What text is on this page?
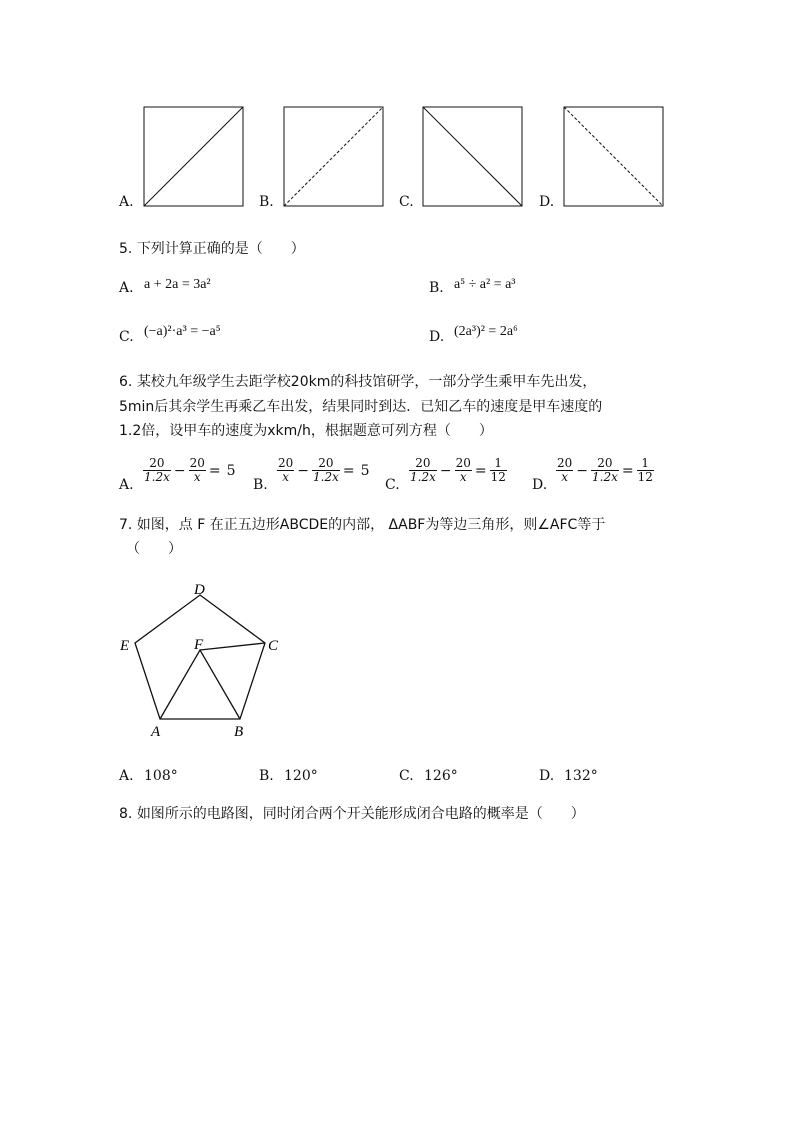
A.	B.	C.	D.
5. 下列计算正确的是（　　）
A. a + 2a = 3a²	B. a⁵ ÷ a² = a³
C. (−a)²·a³ = −a⁵	D. (2a³)² = 2a⁶
6. 某校九年级学生去距学校20km的科技馆研学，一部分学生乘甲车先出发，
5min后其余学生再乘乙车出发，结果同时到达．已知乙车的速度是甲车速度的
1.2倍，设甲车的速度为xkm/h，根据题意可列方程（　　）
A.
$\frac{20}{1.2x} - \frac{20}{x} = 5$
B.
$\frac{20}{x} - \frac{20}{1.2x} = 5$
C.
$\frac{20}{1.2x} - \frac{20}{x} = \frac{1}{12}$
D.
$\frac{20}{x} - \frac{20}{1.2x} = \frac{1}{12}$
7. 如图，点 F 在正五边形ABCDE的内部， ΔABF为等边三角形，则∠AFC等于
（　　）
D
E	F	C
A	B
A. 108°	B. 120°	C. 126°	D. 132°
8. 如图所示的电路图，同时闭合两个开关能形成闭合电路的概率是（　　）
